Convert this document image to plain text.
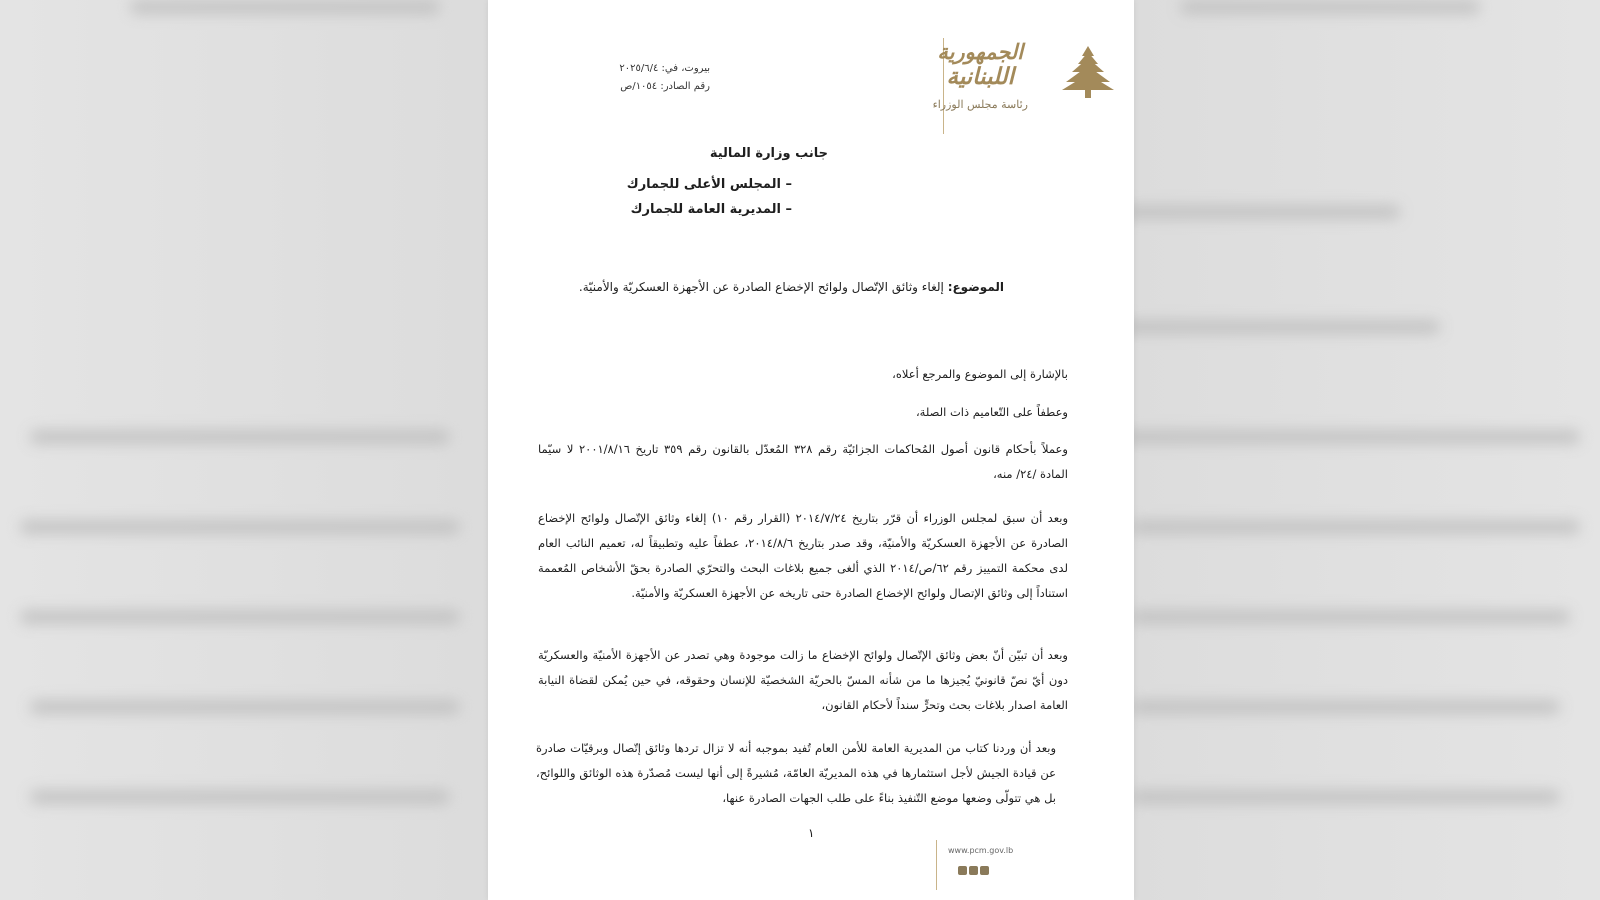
الجمهورية
اللبنانية
رئاسة مجلس الوزراء
بيروت، في: ٢٠٢٥/٦/٤
رقم الصادر: ١٠٥٤/ص
جانب وزارة المالية
– المجلس الأعلى للجمارك
– المديرية العامة للجمارك
الموضوع: إلغاء وثائق الإتّصال ولوائح الإخضاع الصادرة عن الأجهزة العسكريّة والأمنيّة.
بالإشارة إلى الموضوع والمرجع أعلاه،
وعطفاً على التّعاميم ذات الصلة،
وعملاً بأحكام قانون أصول المُحاكمات الجزائيّة رقم ٣٢٨ المُعدّل بالقانون رقم ٣٥٩ تاريخ ٢٠٠١/٨/١٦ لا سيّما المادة /٢٤/ منه،
وبعد أن سبق لمجلس الوزراء أن قرّر بتاريخ ٢٠١٤/٧/٢٤ (القرار رقم ١٠) إلغاء وثائق الإتّصال ولوائح الإخضاع الصادرة عن الأجهزة العسكريّة والأمنيّة، وقد صدر بتاريخ ٢٠١٤/٨/٦، عطفاً عليه وتطبيقاً له، تعميم النائب العام لدى محكمة التمييز رقم ٦٢/ص/٢٠١٤ الذي ألغى جميع بلاغات البحث والتحرّي الصادرة بحقّ الأشخاص المُعممة استناداً إلى وثائق الإتصال ولوائح الإخضاع الصادرة حتى تاريخه عن الأجهزة العسكريّة والأمنيّة.
وبعد أن تبيّن أنّ بعض وثائق الإتّصال ولوائح الإخضاع ما زالت موجودة وهي تصدر عن الأجهزة الأمنيّة والعسكريّة دون أيّ نصّ قانونيّ يُجيزها ما من شأنه المسّ بالحريّة الشخصيّة للإنسان وحقوقه، في حين يُمكن لقضاة النيابة العامة اصدار بلاغات بحث وتحرٍّ سنداً لأحكام القانون،
وبعد أن وردنا كتاب من المديرية العامة للأمن العام تُفيد بموجبه أنه لا تزال تردها وثائق إتّصال وبرقيّات صادرة عن قيادة الجيش لأجل استثمارها في هذه المديريّة العامّة، مُشيرةً إلى أنها ليست مُصدّرة هذه الوثائق واللوائح، بل هي تتولّى وضعها موضع التّنفيذ بناءً على طلب الجهات الصادرة عنها،
١
www.pcm.gov.lb
